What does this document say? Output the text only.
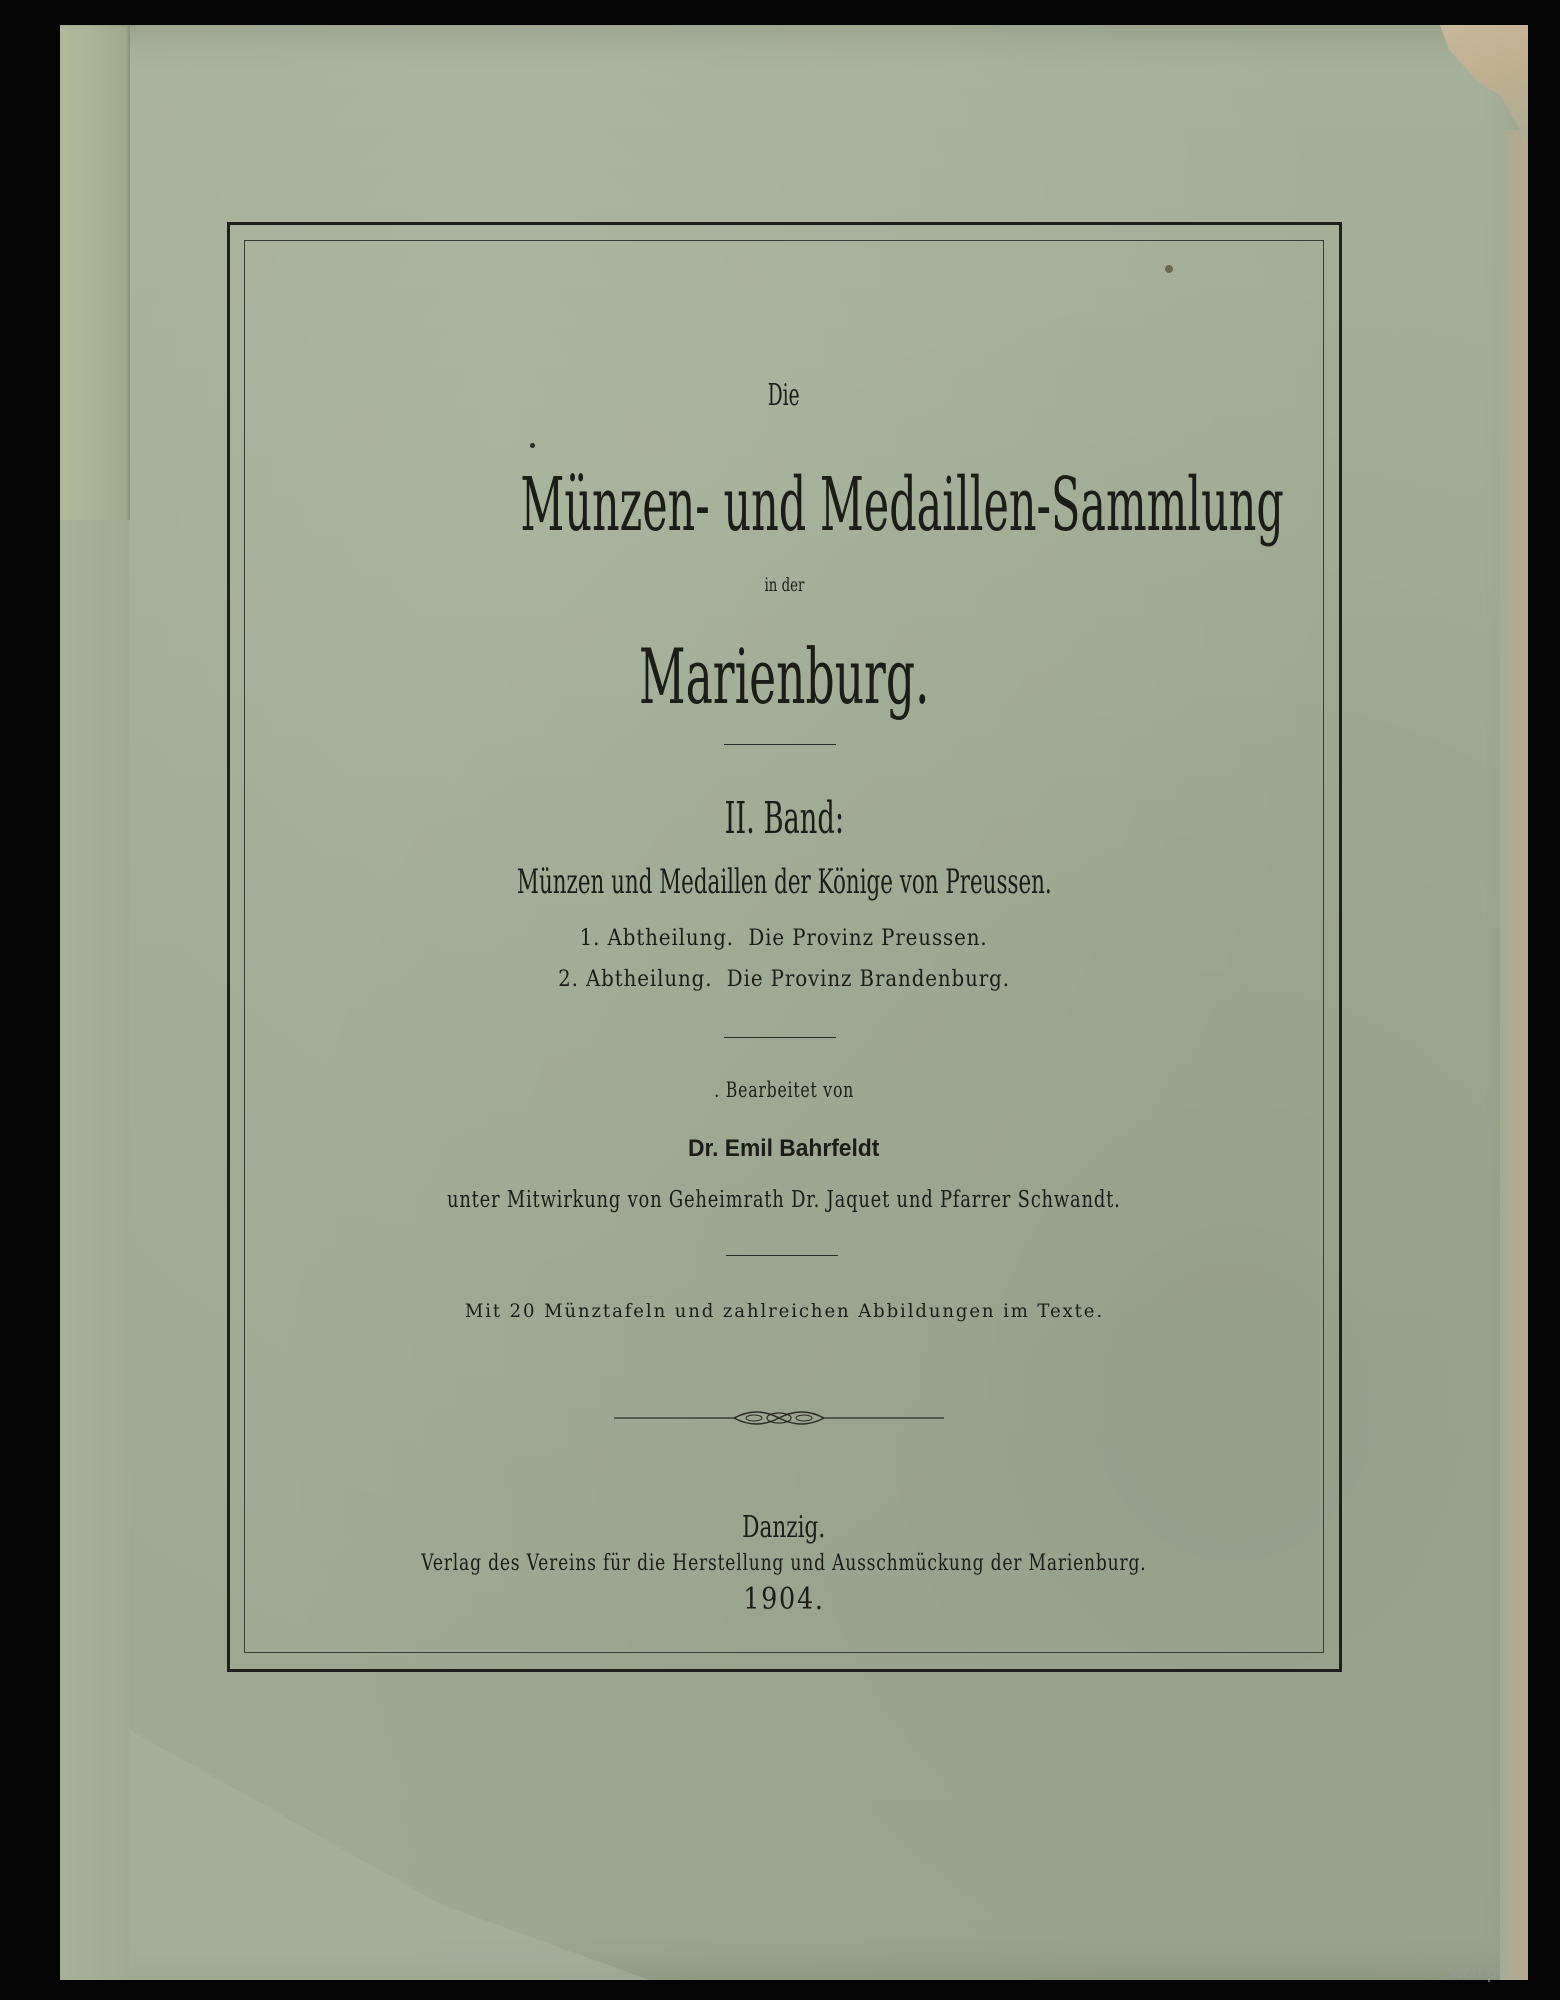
Die
Münzen- und Medaillen-Sammlung
in der
Marienburg.
II. Band:
Münzen und Medaillen der Könige von Preussen.
1. Abtheilung.  Die Provinz Preussen.
2. Abtheilung.  Die Provinz Brandenburg.
. Bearbeitet von
Dr. Emil Bahrfeldt
unter Mitwirkung von Geheimrath Dr. Jaquet und Pfarrer Schwandt.
Mit 20 Münztafeln und zahlreichen Abbildungen im Texte.
Danzig.
Verlag des Vereins für die Herstellung und Ausschmückung der Marienburg.
1904.
wcn.pl
